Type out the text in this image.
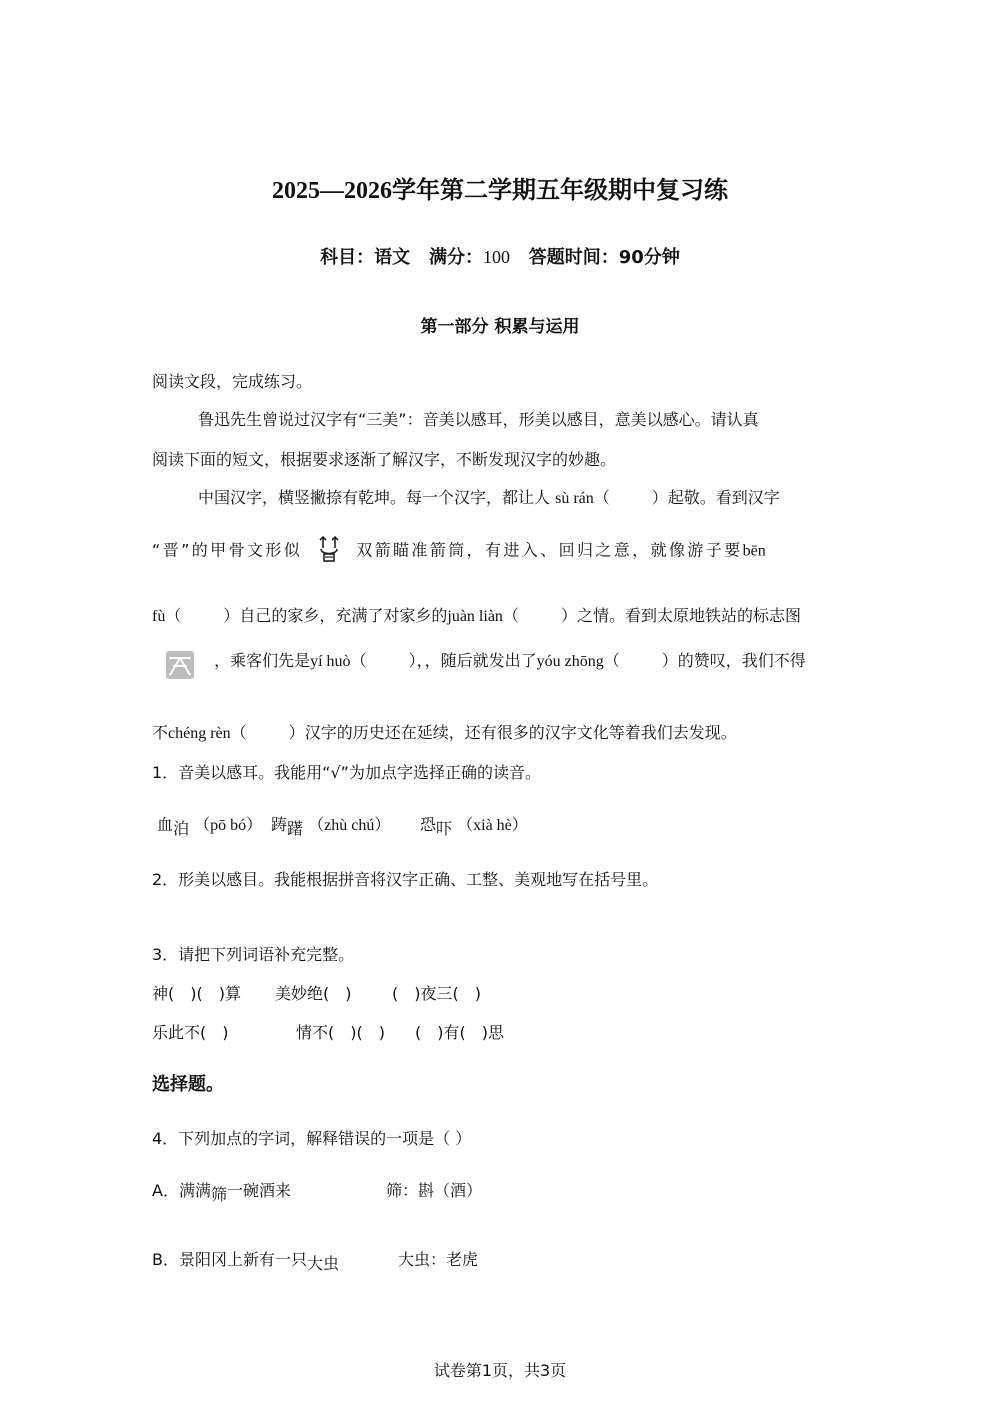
2025—2026学年第二学期五年级期中复习练
科目：语文 满分：100 答题时间：90分钟
第一部分 积累与运用
阅读文段，完成练习。
鲁迅先生曾说过汉字有“三美”：音美以感耳，形美以感目，意美以感心。请认真
阅读下面的短文，根据要求逐渐了解汉字，不断发现汉字的妙趣。
中国汉字，横竖撇捺有乾坤。每一个汉字，都让人 sù rán（	）起敬。看到汉字
“晋”的甲骨文形似	双箭瞄准箭筒，有进入、回归之意，就像游子要bēn
fù（	）自己的家乡，充满了对家乡的juàn liàn（	）之情。看到太原地铁站的标志图
，乘客们先是yí huò（	），，随后就发出了yóu zhōng（	）的赞叹，我们不得
不chéng rèn（	）汉字的历史还在延续，还有很多的汉字文化等着我们去发现。
1．音美以感耳。我能用“√”为加点字选择正确的读音。
血泊 （pō bó） 踌躇 （zhù chú） 恐吓 （xià hè）
2．形美以感目。我能根据拼音将汉字正确、工整、美观地写在括号里。
3．请把下列词语补充完整。
神(　)(　)算 美妙绝(　)	(　)夜三(　)
乐此不(　)	情不(　)(　) (　)有(　)思
选择题。
4．下列加点的字词，解释错误的一项是（ ）
A．满满筛一碗酒来	筛：斟（酒）
B．景阳冈上新有一只大虫	大虫：老虎
试卷第1页，共3页
